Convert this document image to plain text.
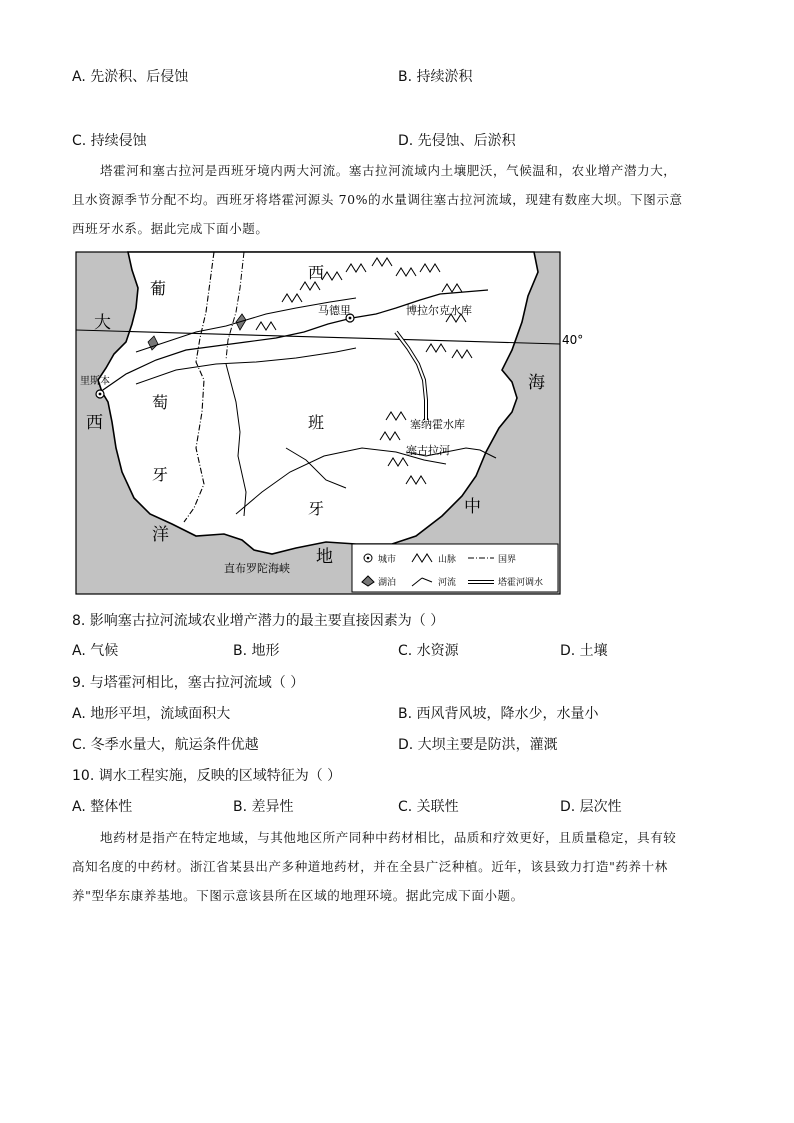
A. 先淤积、后侵蚀	B. 持续淤积
C. 持续侵蚀	D. 先侵蚀、后淤积
塔霍河和塞古拉河是西班牙境内两大河流。塞古拉河流域内土壤肥沃，气候温和，农业增产潜力大，
且水资源季节分配不均。西班牙将塔霍河源头 70%的水量调往塞古拉河流域，现建有数座大坝。下图示意
西班牙水系。据此完成下面小题。
大
西
洋
海
中
地
葡
萄
牙
西
班
牙
40°
马德里
里斯本
博拉尔克水库
塞纳霍水库
塞古拉河
直布罗陀海峡
城市	山脉	国界
湖泊	河流	塔霍河调水
8. 影响塞古拉河流域农业增产潜力的最主要直接因素为（ ）
A. 气候	B. 地形	C. 水资源	D. 土壤
9. 与塔霍河相比，塞古拉河流域（ ）
A. 地形平坦，流域面积大	B. 西风背风坡，降水少，水量小
C. 冬季水量大，航运条件优越	D. 大坝主要是防洪，灌溉
10. 调水工程实施，反映的区域特征为（ ）
A. 整体性	B. 差异性	C. 关联性	D. 层次性
地药材是指产在特定地域，与其他地区所产同种中药材相比，品质和疗效更好，且质量稳定，具有较
高知名度的中药材。浙江省某县出产多种道地药材，并在全县广泛种植。近年，该县致力打造"药养十林
养"型华东康养基地。下图示意该县所在区域的地理环境。据此完成下面小题。
